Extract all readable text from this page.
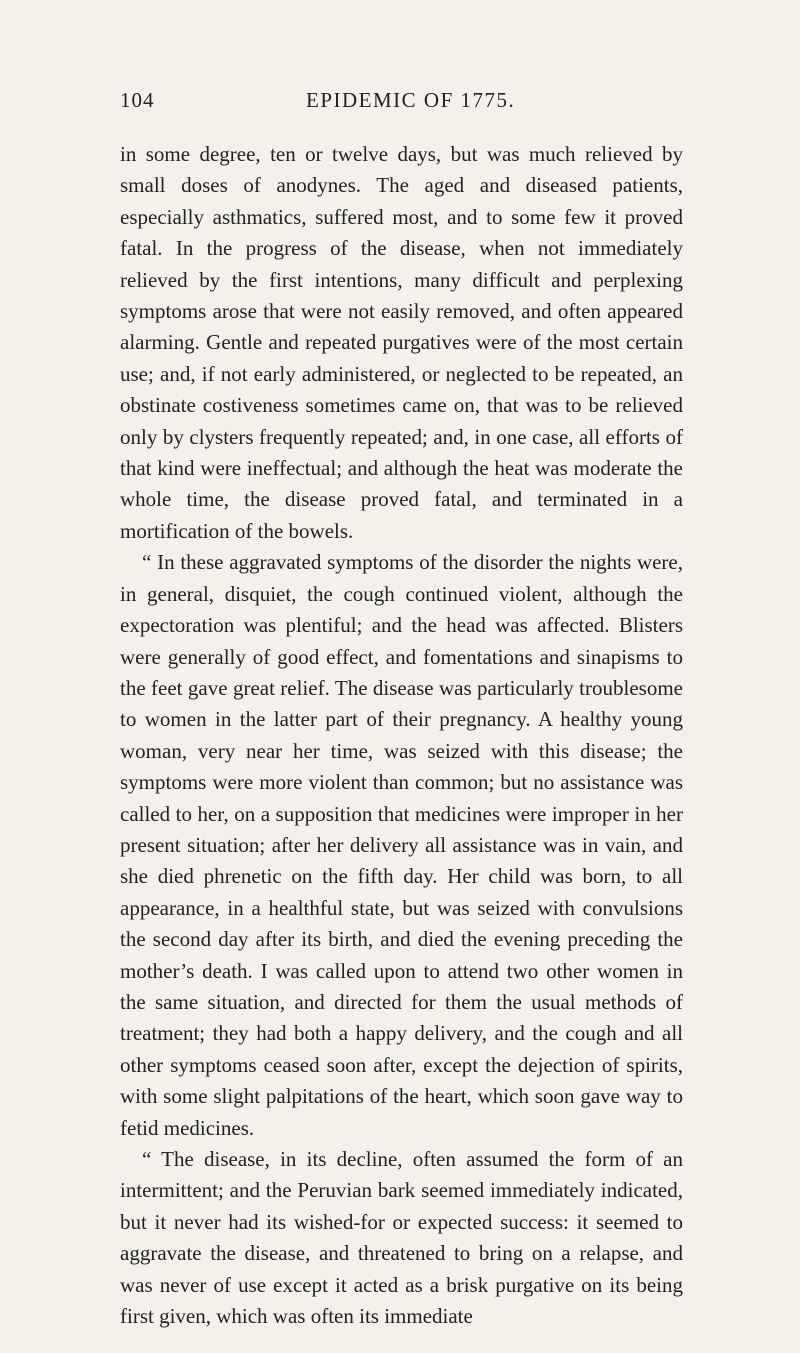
104	EPIDEMIC OF 1775.

in some degree, ten or twelve days, but was much relieved by small doses of anodynes. The aged and diseased patients, especially asthmatics, suffered most, and to some few it proved fatal. In the progress of the disease, when not immediately relieved by the first intentions, many difficult and perplexing symptoms arose that were not easily removed, and often appeared alarming. Gentle and repeated purgatives were of the most certain use; and, if not early administered, or neglected to be repeated, an obstinate costiveness sometimes came on, that was to be relieved only by clysters frequently repeated; and, in one case, all efforts of that kind were ineffectual; and although the heat was moderate the whole time, the disease proved fatal, and terminated in a mortification of the bowels.

“ In these aggravated symptoms of the disorder the nights were, in general, disquiet, the cough continued violent, although the expectoration was plentiful; and the head was affected. Blisters were generally of good effect, and fomentations and sinapisms to the feet gave great relief. The disease was particularly troublesome to women in the latter part of their pregnancy. A healthy young woman, very near her time, was seized with this disease; the symptoms were more violent than common; but no assistance was called to her, on a supposition that medicines were improper in her present situation; after her delivery all assistance was in vain, and she died phrenetic on the fifth day. Her child was born, to all appearance, in a healthful state, but was seized with convulsions the second day after its birth, and died the evening preceding the mother’s death. I was called upon to attend two other women in the same situation, and directed for them the usual methods of treatment; they had both a happy delivery, and the cough and all other symptoms ceased soon after, except the dejection of spirits, with some slight palpitations of the heart, which soon gave way to fetid medicines.

“ The disease, in its decline, often assumed the form of an intermittent; and the Peruvian bark seemed immediately indicated, but it never had its wished-for or expected success: it seemed to aggravate the disease, and threatened to bring on a relapse, and was never of use except it acted as a brisk purgative on its being first given, which was often its immediate
